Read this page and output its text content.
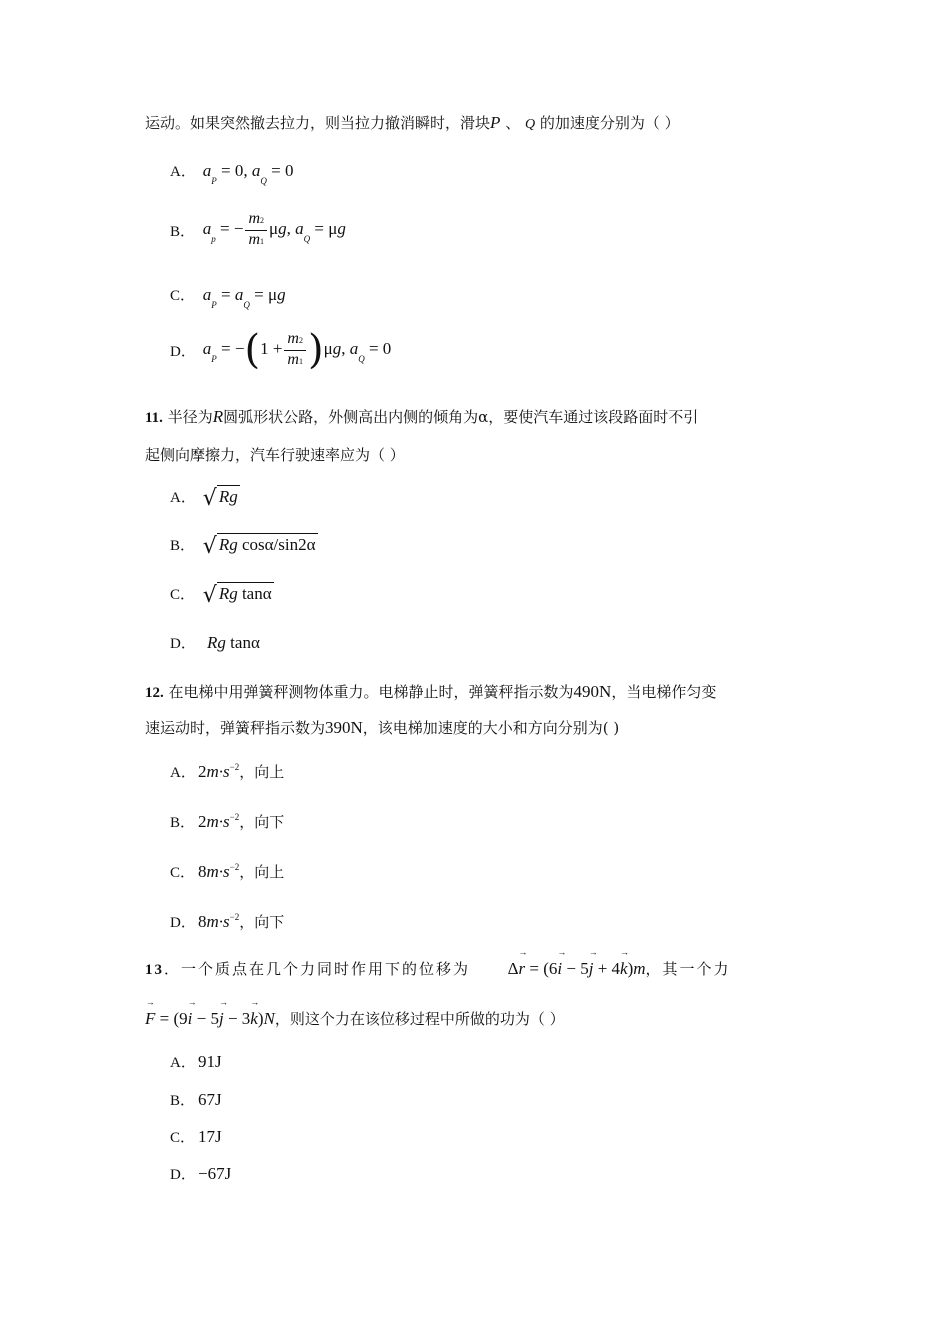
运动。如果突然撤去拉力，则当拉力撤消瞬时，滑块P 、 Q 的加速度分别为（ ）
A． $a_P = 0$, $a_Q = 0$
B． $a_p$ = − $\frac{m2}{m1} \mu g$, $a_Q = \mu g$
C． $a_P = a_Q = \mu g$
D． $a_P = -(1 + \frac{m2}{m1} )\mu g$, $a_Q = 0$
11. 半径为R圆弧形状公路，外侧高出内侧的倾角为α，要使汽车通过该段路面时不引
起侧向摩擦力，汽车行驶速率应为（ ）
A． √ Rg
B． √ Rg cosα/sin2α
C． √ Rg tanα
D． Rg tanα
12. 在电梯中用弹簧秤测物体重力。电梯静止时，弹簧秤指示数为490N，当电梯作匀变
速运动时，弹簧秤指示数为390N，该电梯加速度的大小和方向分别为( )
A． $2m\cdot s^{-2}$，向上
B． $2m\cdot s^{-2}$，向下
C． $8m\cdot s^{-2}$，向上
D． $8m\cdot s^{-2}$，向下
13．一个质点在几个力同时作用下的位移为 Δ→ r = (6→ i − 5→ j + 4→ k)m，其一个力
→ F = (9→ i − 5→ j − 3→ k)N，则这个力在该位移过程中所做的功为（ ）
A． 91J
B． 67J
C． 17J
D． −67J
